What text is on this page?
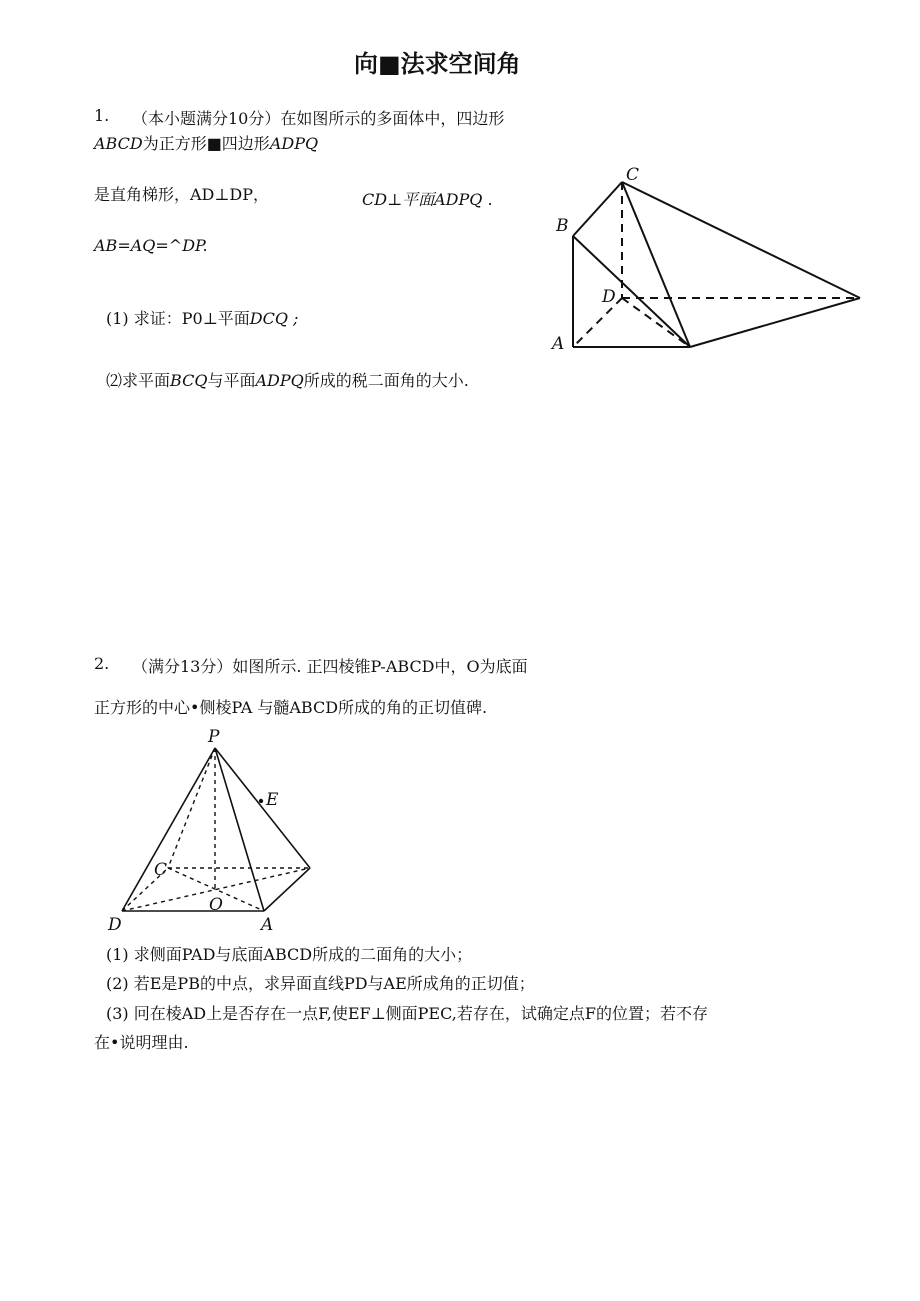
向■法求空间角
1. （本小题满分10分）在如图所示的多面体中，四边形
ABCD为正方形■四边形ADPQ
是直角梯形，AD⊥DP，	CD⊥平面ADPQ .
AB=AQ=^DP.
(1) 求证：P0⊥平面DCQ ;
⑵求平面BCQ与平面ADPQ所成的税二面角的大小.
C
B
D
A
2. （满分13分）如图所示. 正四棱锥P-ABCD中，O为底面
正方形的中心•侧棱PA 与髓ABCD所成的角的正切值碑.
(1) 求侧面PAD与底面ABCD所成的二面角的大小；
(2) 若E是PB的中点，求异面直线PD与AE所成角的正切值；
(3) 冋在棱AD上是否存在一点F,使EF⊥侧面PEC,若存在，试确定点F的位置；若不存
在•说明理由.
P
E
C
O
D	A
